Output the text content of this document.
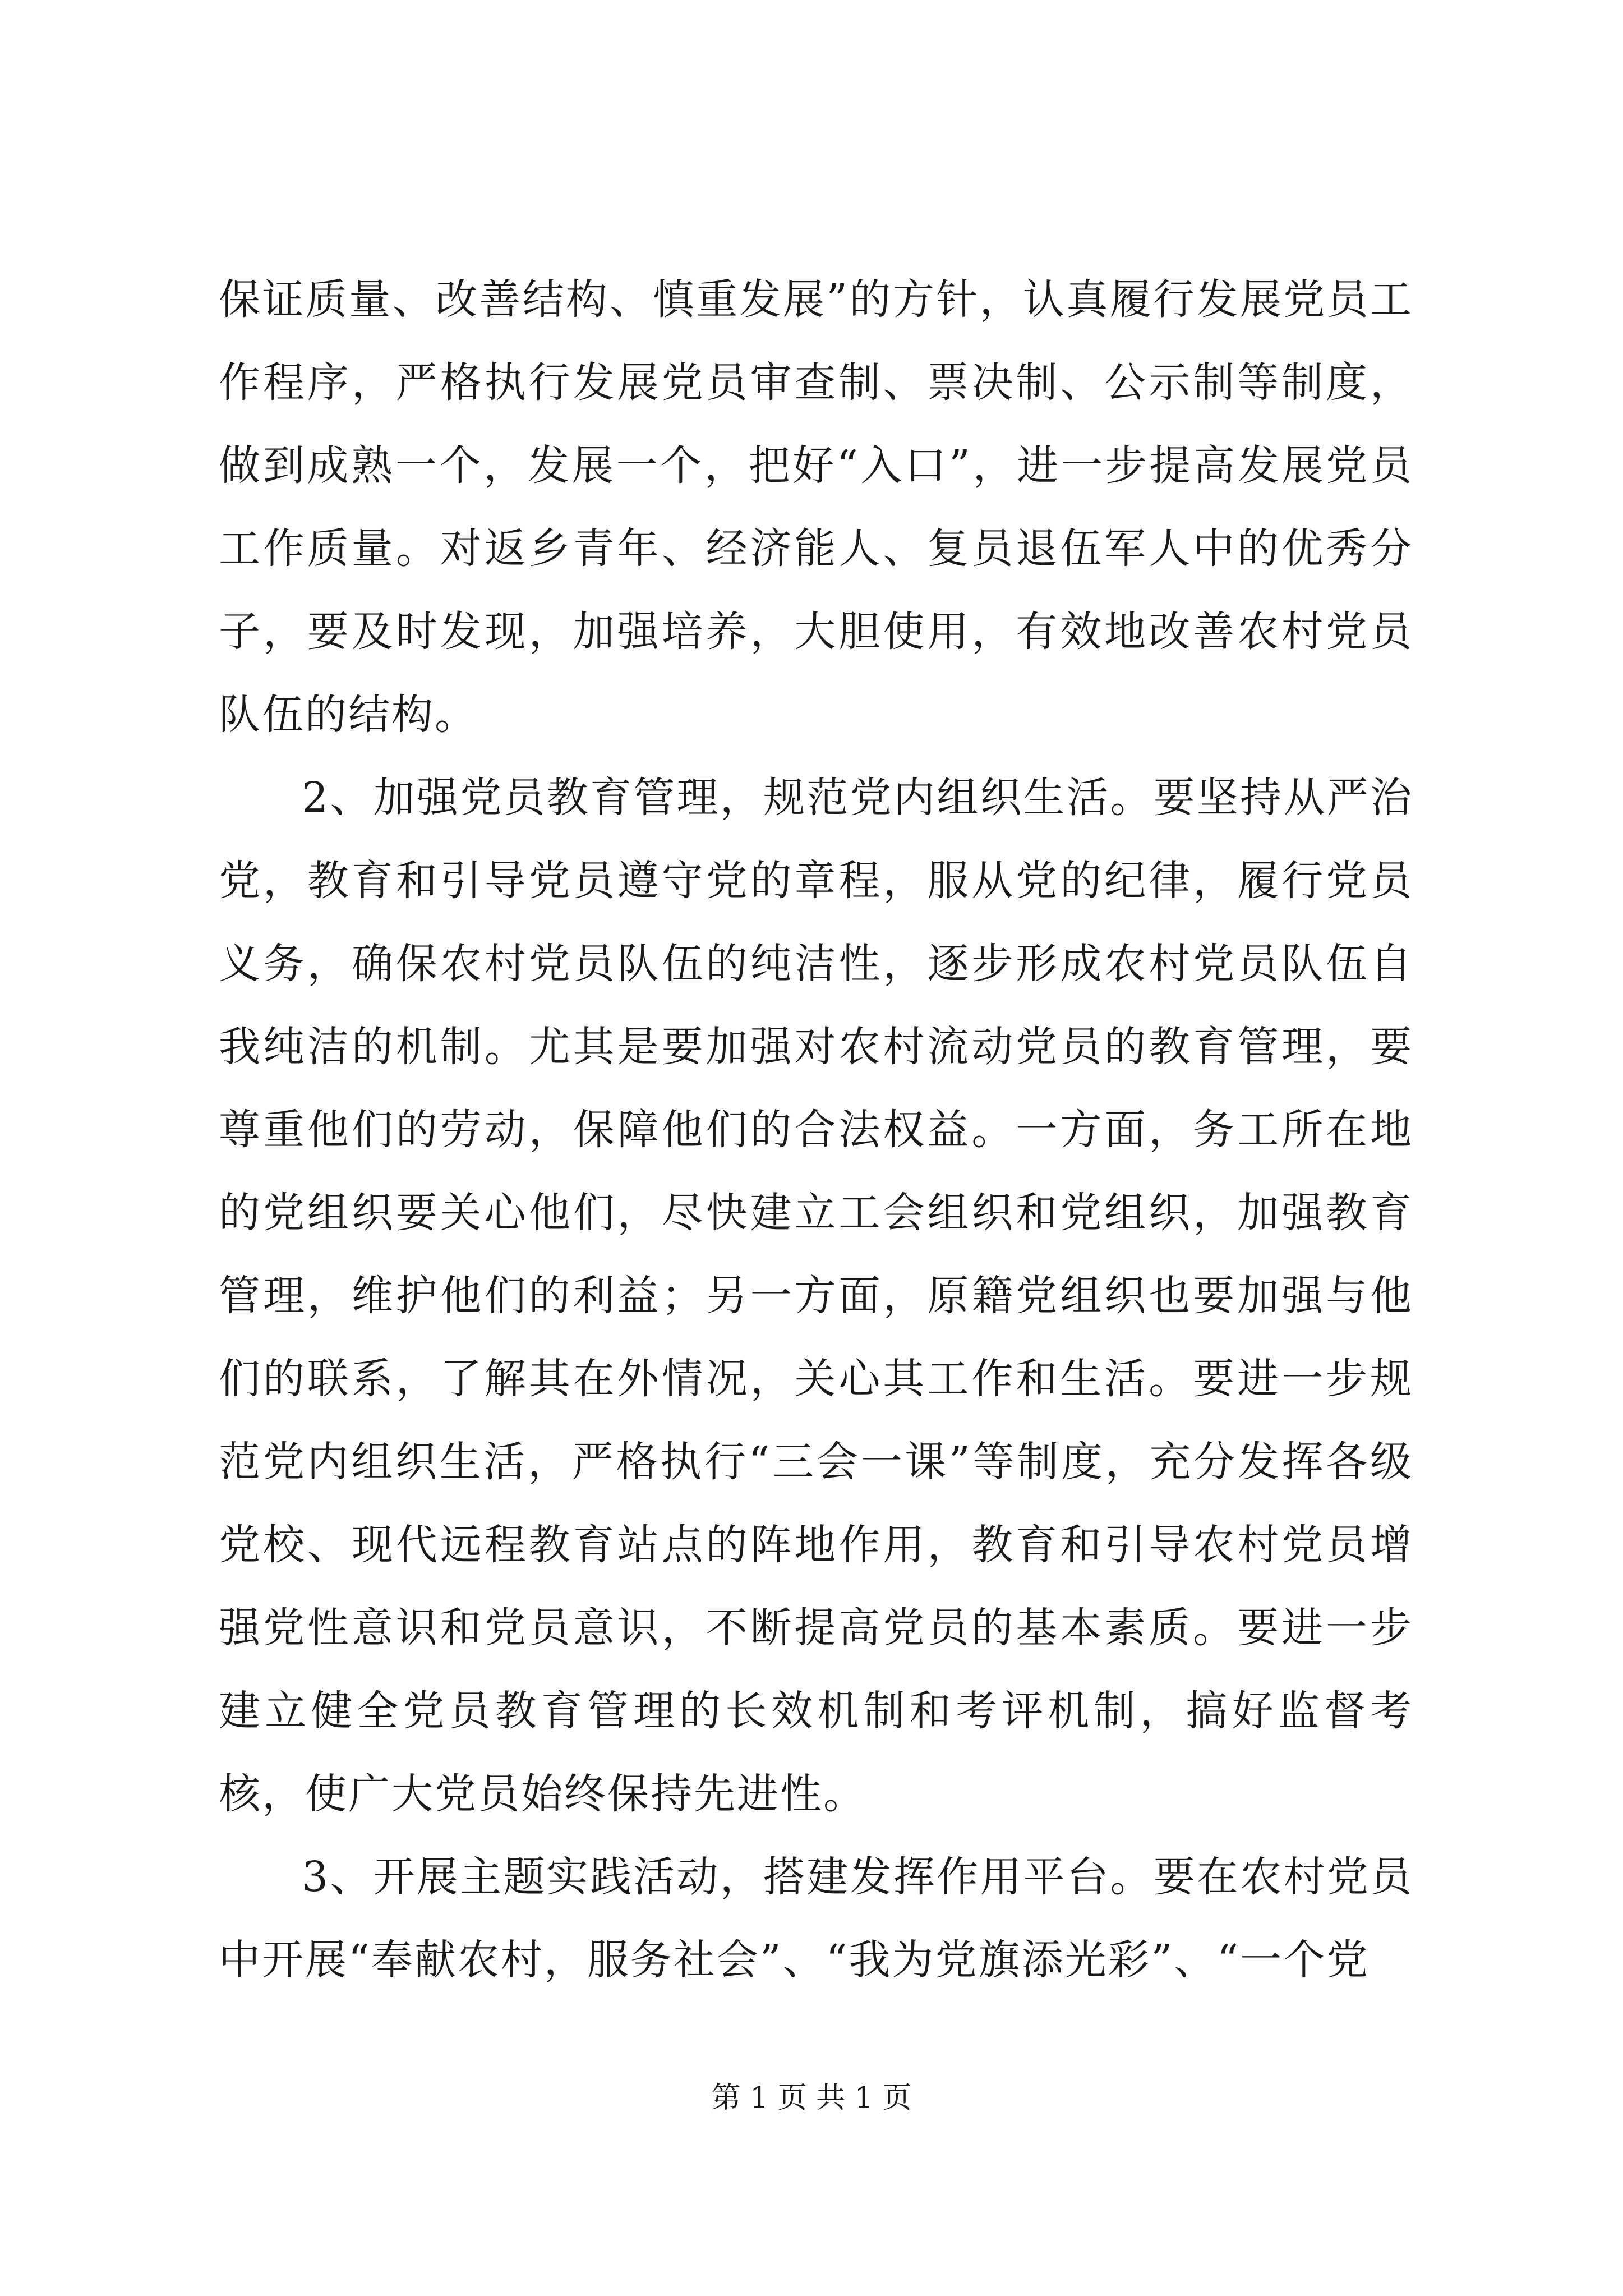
保证质量、改善结构、慎重发展”的方针，认真履行发展党员工作程序，严格执行发展党员审查制、票决制、公示制等制度，做到成熟一个，发展一个，把好“入口”，进一步提高发展党员工作质量。对返乡青年、经济能人、复员退伍军人中的优秀分子，要及时发现，加强培养，大胆使用，有效地改善农村党员队伍的结构。

2、加强党员教育管理，规范党内组织生活。要坚持从严治党，教育和引导党员遵守党的章程，服从党的纪律，履行党员义务，确保农村党员队伍的纯洁性，逐步形成农村党员队伍自我纯洁的机制。尤其是要加强对农村流动党员的教育管理，要尊重他们的劳动，保障他们的合法权益。一方面，务工所在地的党组织要关心他们，尽快建立工会组织和党组织，加强教育管理，维护他们的利益；另一方面，原籍党组织也要加强与他们的联系，了解其在外情况，关心其工作和生活。要进一步规范党内组织生活，严格执行“三会一课”等制度，充分发挥各级党校、现代远程教育站点的阵地作用，教育和引导农村党员增强党性意识和党员意识，不断提高党员的基本素质。要进一步建立健全党员教育管理的长效机制和考评机制，搞好监督考核，使广大党员始终保持先进性。

3、开展主题实践活动，搭建发挥作用平台。要在农村党员中开展“奉献农村，服务社会”、“我为党旗添光彩”、“一个党

第 1 页 共 1 页
